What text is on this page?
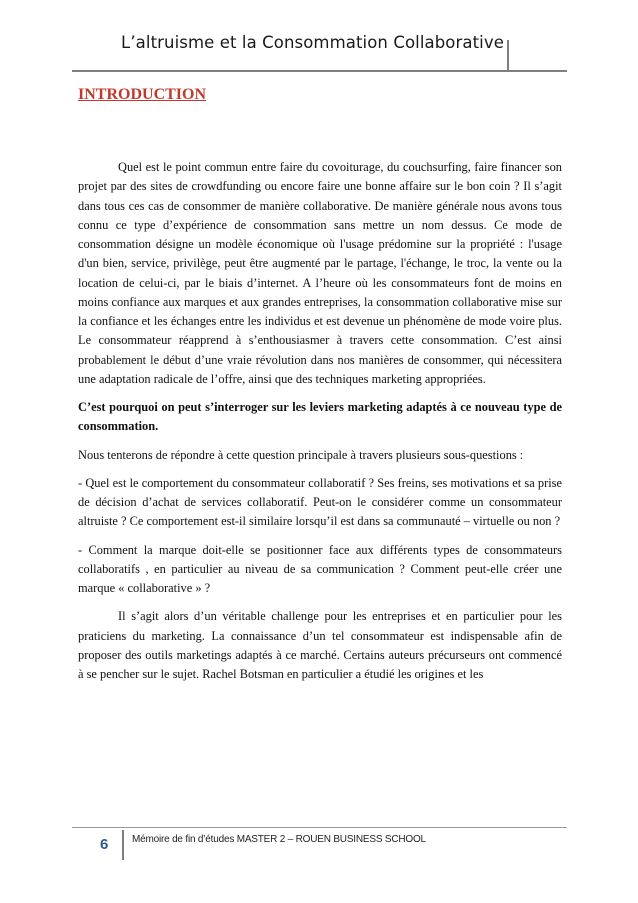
L’altruisme et la Consommation Collaborative
INTRODUCTION

Quel est le point commun entre faire du covoiturage, du couchsurfing, faire financer son projet par des sites de crowdfunding ou encore faire une bonne affaire sur le bon coin ? Il s’agit dans tous ces cas de consommer de manière collaborative. De manière générale nous avons tous connu ce type d’expérience de consommation sans mettre un nom dessus. Ce mode de consommation désigne un modèle économique où l'usage prédomine sur la propriété : l'usage d'un bien, service, privilège, peut être augmenté par le partage, l'échange, le troc, la vente ou la location de celui-ci, par le biais d’internet. A l’heure où les consommateurs font de moins en moins confiance aux marques et aux grandes entreprises, la consommation collaborative mise sur la confiance et les échanges entre les individus et est devenue un phénomène de mode voire plus. Le consommateur réapprend à s’enthousiasmer à travers cette consommation. C’est ainsi probablement le début d’une vraie révolution dans nos manières de consommer, qui nécessitera une adaptation radicale de l’offre, ainsi que des techniques marketing appropriées.

C’est pourquoi on peut s’interroger sur les leviers marketing adaptés à ce nouveau type de consommation.

Nous tenterons de répondre à cette question principale à travers plusieurs sous-questions :

- Quel est le comportement du consommateur collaboratif ? Ses freins, ses motivations et sa prise de décision d’achat de services collaboratif. Peut-on le considérer comme un consommateur altruiste ? Ce comportement est-il similaire lorsqu’il est dans sa communauté – virtuelle ou non ?

- Comment la marque doit-elle se positionner face aux différents types de consommateurs collaboratifs , en particulier au niveau de sa communication ? Comment peut-elle créer une marque « collaborative » ?

Il s’agit alors d’un véritable challenge pour les entreprises et en particulier pour les praticiens du marketing. La connaissance d’un tel consommateur est indispensable afin de proposer des outils marketings adaptés à ce marché. Certains auteurs précurseurs ont commencé à se pencher sur le sujet. Rachel Botsman en particulier a étudié les origines et les

6 Mémoire de fin d’études MASTER 2 – ROUEN BUSINESS SCHOOL
